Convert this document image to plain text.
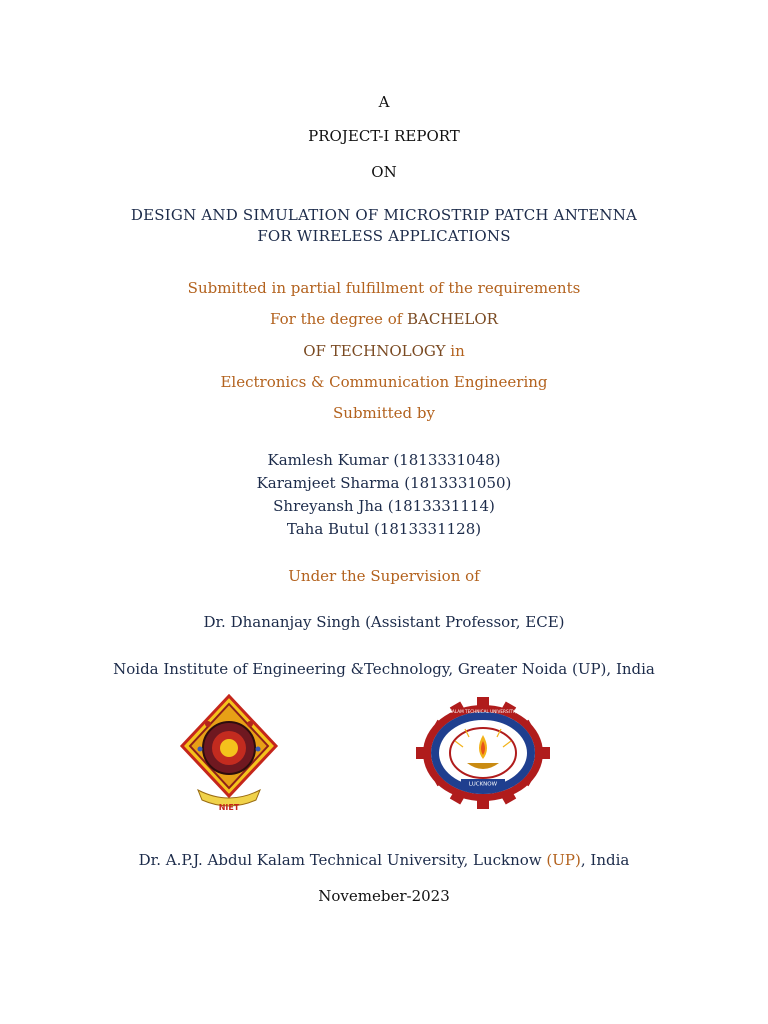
A
PROJECT-I REPORT
ON
DESIGN AND SIMULATION OF MICROSTRIP PATCH ANTENNA
FOR WIRELESS APPLICATIONS
Submitted in partial fulfillment of the requirements
For the degree of BACHELOR
OF TECHNOLOGY in
Electronics & Communication Engineering
Submitted by
Kamlesh Kumar (1813331048)
Karamjeet Sharma (1813331050)
Shreyansh Jha (1813331114)
Taha Butul (1813331128)
Under the Supervision of
Dr. Dhananjay Singh (Assistant Professor, ECE)
Noida Institute of Engineering &Technology, Greater Noida (UP), India
NIET
LUCKNOW
DR. A.P.J. ABDUL KALAM TECHNICAL UNIVERSITY, UTTAR PRADESH
Dr. A.P.J. Abdul Kalam Technical University, Lucknow (UP), India
Novemeber-2023
